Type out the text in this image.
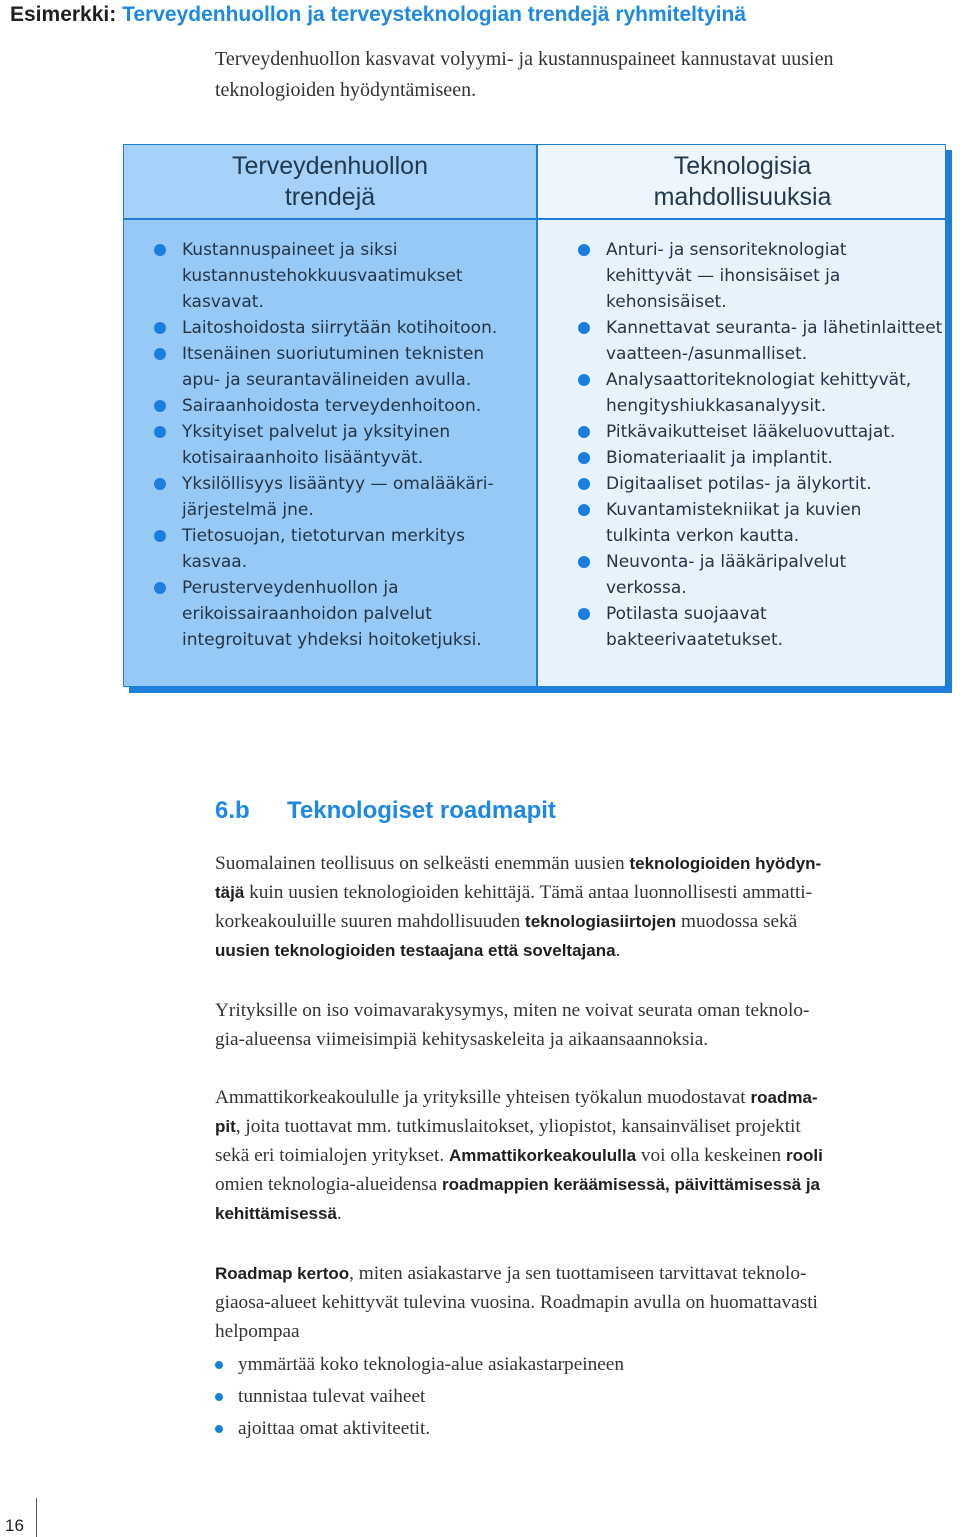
Esimerkki: Terveydenhuollon ja terveysteknologian trendejä ryhmiteltyinä
Terveydenhuollon kasvavat volyymi- ja kustannuspaineet kannustavat uusien
teknologioiden hyödyntämiseen.
Terveydenhuollon
trendejä
Kustannuspaineet ja siksi
kustannustehokkuusvaatimukset
kasvavat.
Laitoshoidosta siirrytään kotihoitoon.
Itsenäinen suoriutuminen teknisten
apu- ja seurantavälineiden avulla.
Sairaanhoidosta terveydenhoitoon.
Yksityiset palvelut ja yksityinen
kotisairaanhoito lisääntyvät.
Yksilöllisyys lisääntyy — omalääkäri-
järjestelmä jne.
Tietosuojan, tietoturvan merkitys kasvaa.
Perusterveydenhuollon ja
erikoissairaanhoidon palvelut
integroituvat yhdeksi hoitoketjuksi.
Teknologisia
mahdollisuuksia
Anturi- ja sensoriteknologiat
kehittyvät — ihonsisäiset ja
kehonsisäiset.
Kannettavat seuranta- ja lähetinlaitteet
vaatteen-/asunmalliset.
Analysaattoriteknologiat kehittyvät,
hengityshiukkasanalyysit.
Pitkävaikutteiset lääkeluovuttajat.
Biomateriaalit ja implantit.
Digitaaliset potilas- ja älykortit.
Kuvantamistekniikat ja kuvien
tulkinta verkon kautta.
Neuvonta- ja lääkäripalvelut
verkossa.
Potilasta suojaavat
bakteerivaatetukset.
6.b Teknologiset roadmapit
Suomalainen teollisuus on selkeästi enemmän uusien teknologioiden hyödyn-
täjä kuin uusien teknologioiden kehittäjä. Tämä antaa luonnollisesti ammatti-
korkeakouluille suuren mahdollisuuden teknologiasiirtojen muodossa sekä
uusien teknologioiden testaajana että soveltajana.
Yrityksille on iso voimavarakysymys, miten ne voivat seurata oman teknolo-
gia-alueensa viimeisimpiä kehitysaskeleita ja aikaansaannoksia.
Ammattikorkeakoululle ja yrityksille yhteisen työkalun muodostavat roadma-
pit, joita tuottavat mm. tutkimuslaitokset, yliopistot, kansainväliset projektit
sekä eri toimialojen yritykset. Ammattikorkeakoululla voi olla keskeinen rooli
omien teknologia-alueidensa roadmappien keräämisessä, päivittämisessä ja
kehittämisessä.
Roadmap kertoo, miten asiakastarve ja sen tuottamiseen tarvittavat teknolo-
giaosa-alueet kehittyvät tulevina vuosina. Roadmapin avulla on huomattavasti
helpompaa
ymmärtää koko teknologia-alue asiakastarpeineen
tunnistaa tulevat vaiheet
ajoittaa omat aktiviteetit.
16
